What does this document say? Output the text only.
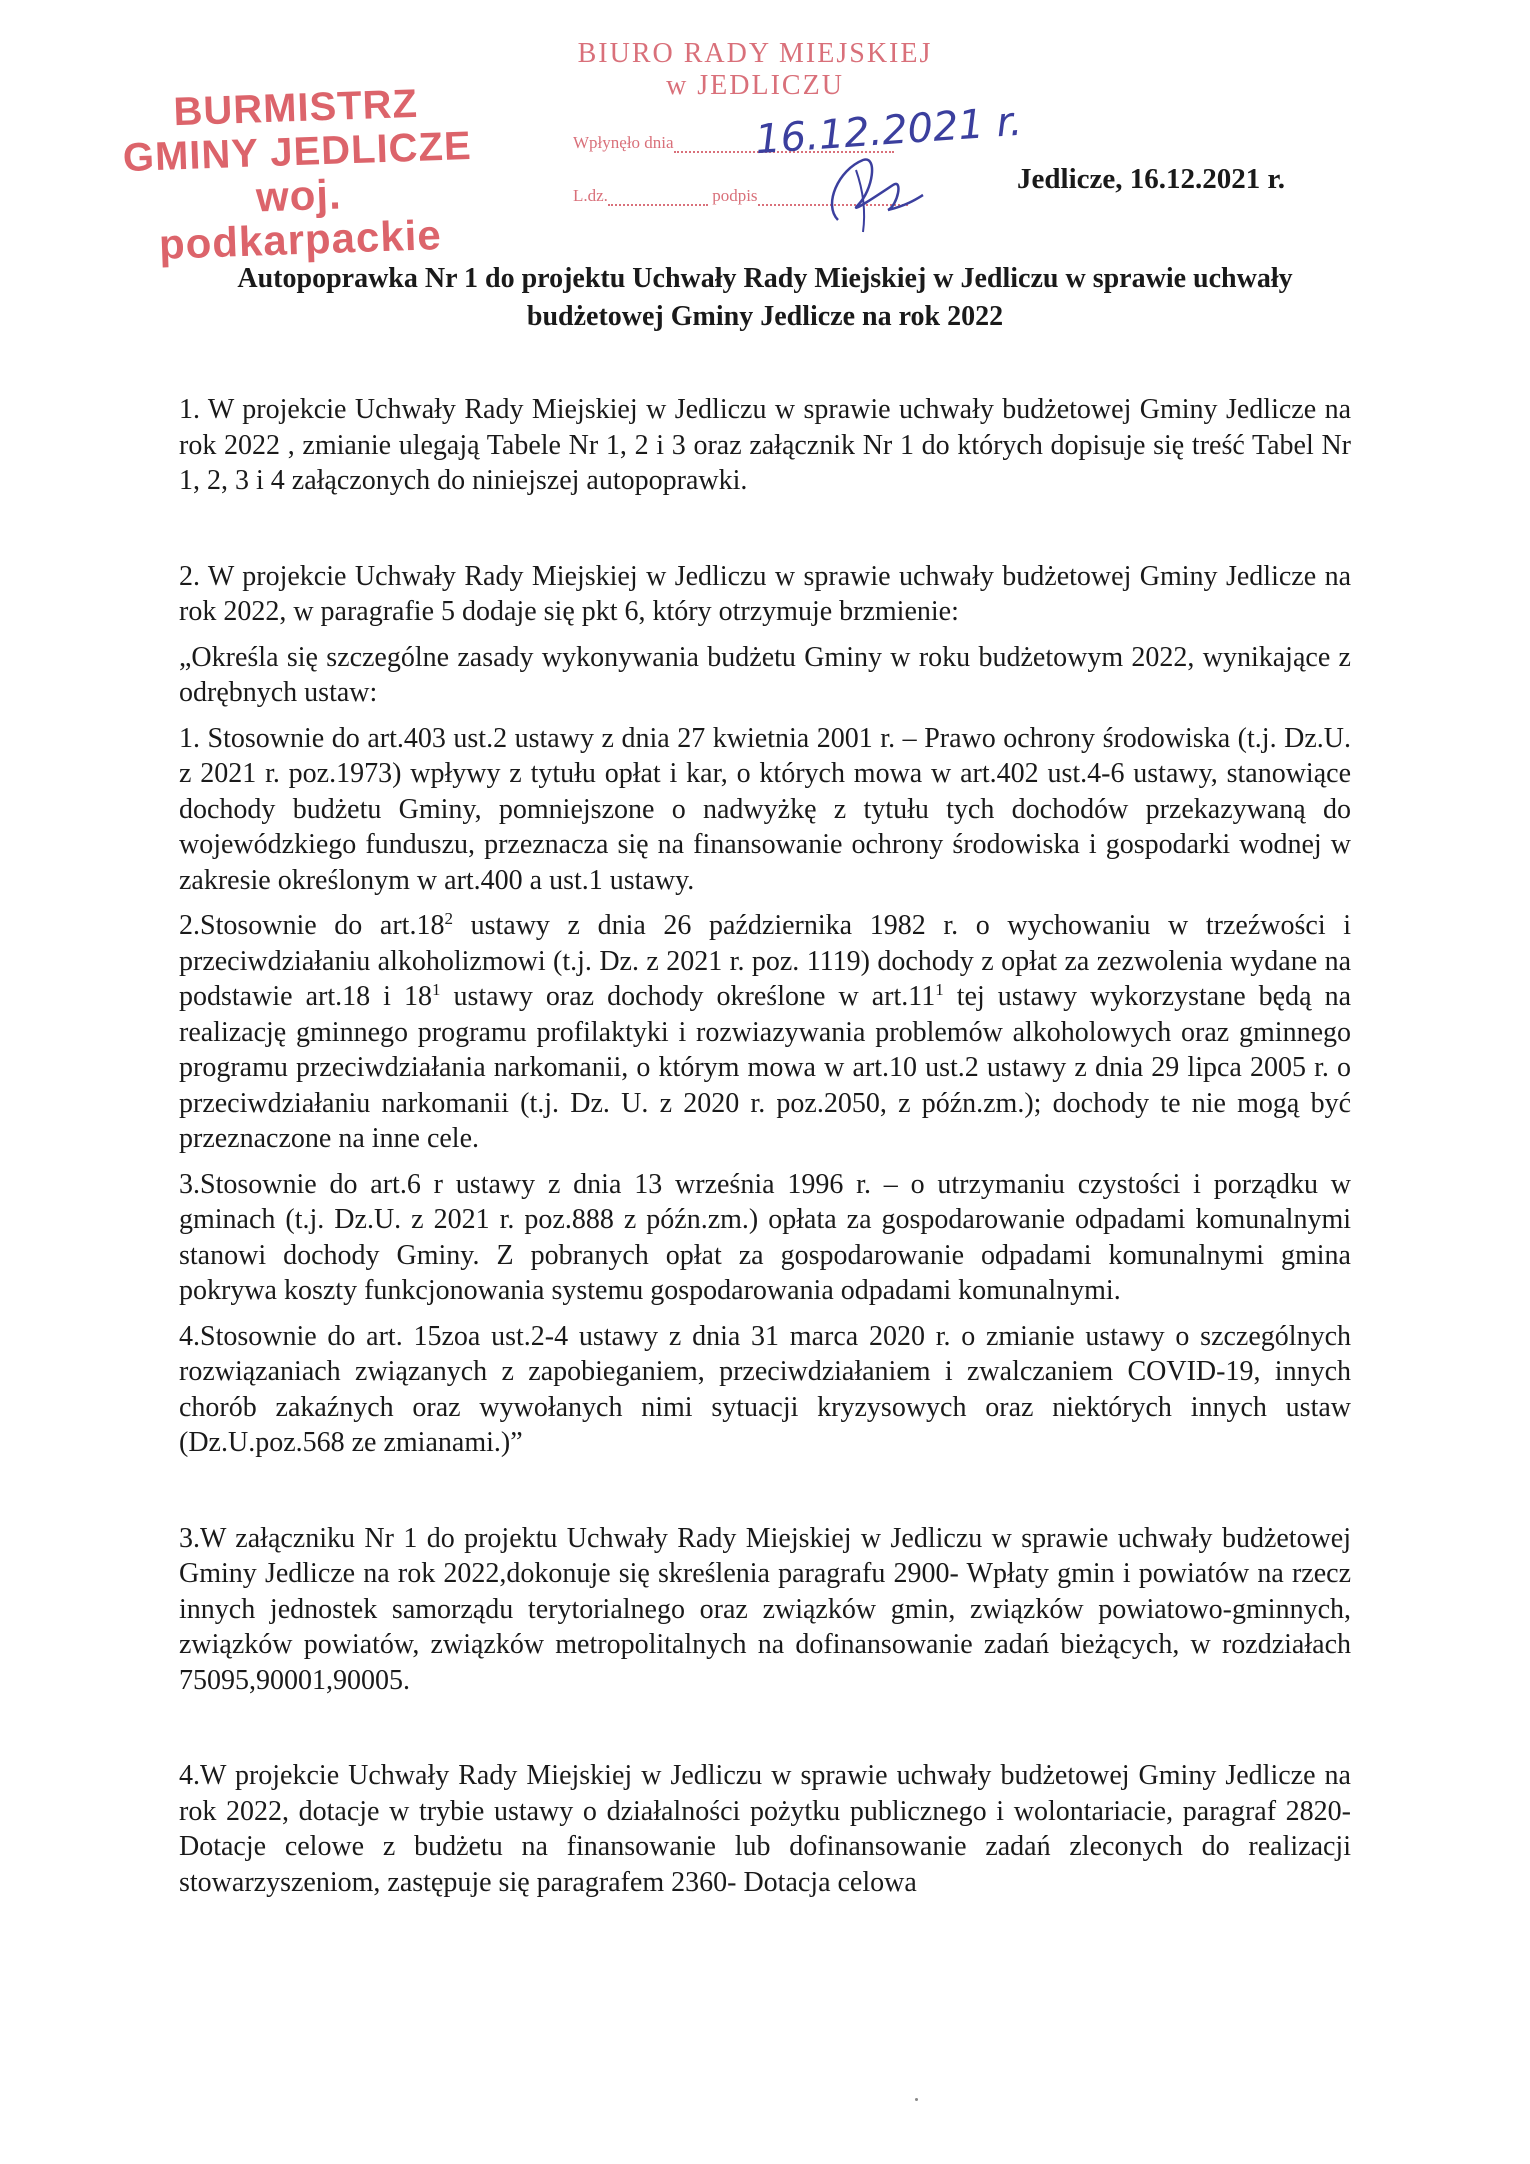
BURMISTRZ
GMINY JEDLICZE
woj. podkarpackie
BIURO RADY MIEJSKIEJ
w JEDLICZU
Wpłynęło dnia
L.dz.	podpis
16.12.2021 r.
Jedlicze, 16.12.2021 r.
Autopoprawka Nr 1 do projektu Uchwały Rady Miejskiej w Jedliczu w sprawie uchwały budżetowej Gminy Jedlicze na rok 2022

1. W projekcie Uchwały Rady Miejskiej w Jedliczu w sprawie uchwały budżetowej Gminy Jedlicze na rok 2022 , zmianie ulegają Tabele Nr 1, 2 i 3 oraz załącznik Nr 1 do których dopisuje się treść Tabel Nr 1, 2, 3 i 4 załączonych do niniejszej autopoprawki.

2. W projekcie Uchwały Rady Miejskiej w Jedliczu w sprawie uchwały budżetowej Gminy Jedlicze na rok 2022, w paragrafie 5 dodaje się pkt 6, który otrzymuje brzmienie:

„Określa się szczególne zasady wykonywania budżetu Gminy w roku budżetowym 2022, wynikające z odrębnych ustaw:

1. Stosownie do art.403 ust.2 ustawy z dnia 27 kwietnia 2001 r. – Prawo ochrony środowiska (t.j. Dz.U. z 2021 r. poz.1973) wpływy z tytułu opłat i kar, o których mowa w art.402 ust.4-6 ustawy, stanowiące dochody budżetu Gminy, pomniejszone o nadwyżkę z tytułu tych dochodów przekazywaną do wojewódzkiego funduszu, przeznacza się na finansowanie ochrony środowiska i gospodarki wodnej w zakresie określonym w art.400 a ust.1 ustawy.

2.Stosownie do $art.18^2$ ustawy z dnia 26 października 1982 r. o wychowaniu w trzeźwości i przeciwdziałaniu alkoholizmowi (t.j. Dz. z 2021 r. poz. 1119) dochody z opłat za zezwolenia wydane na podstawie art.18 i $18^1$ ustawy oraz dochody określone w $art.11^1$ tej ustawy wykorzystane będą na realizację gminnego programu profilaktyki i rozwiazywania problemów alkoholowych oraz gminnego programu przeciwdziałania narkomanii, o którym mowa w art.10 ust.2 ustawy z dnia 29 lipca 2005 r. o przeciwdziałaniu narkomanii (t.j. Dz. U. z 2020 r. poz.2050, z późn.zm.); dochody te nie mogą być przeznaczone na inne cele.

3.Stosownie do art.6 r ustawy z dnia 13 września 1996 r. – o utrzymaniu czystości i porządku w gminach (t.j. Dz.U. z 2021 r. poz.888 z późn.zm.) opłata za gospodarowanie odpadami komunalnymi stanowi dochody Gminy. Z pobranych opłat za gospodarowanie odpadami komunalnymi gmina pokrywa koszty funkcjonowania systemu gospodarowania odpadami komunalnymi.

4.Stosownie do art. 15zoa ust.2-4 ustawy z dnia 31 marca 2020 r. o zmianie ustawy o szczególnych rozwiązaniach związanych z zapobieganiem, przeciwdziałaniem i zwalczaniem COVID-19, innych chorób zakaźnych oraz wywołanych nimi sytuacji kryzysowych oraz niektórych innych ustaw (Dz.U.poz.568 ze zmianami.)”

3.W załączniku Nr 1 do projektu Uchwały Rady Miejskiej w Jedliczu w sprawie uchwały budżetowej Gminy Jedlicze na rok 2022,dokonuje się skreślenia paragrafu 2900- Wpłaty gmin i powiatów na rzecz innych jednostek samorządu terytorialnego oraz związków gmin, związków powiatowo-gminnych, związków powiatów, związków metropolitalnych na dofinansowanie zadań bieżących, w rozdziałach 75095,90001,90005.

4.W projekcie Uchwały Rady Miejskiej w Jedliczu w sprawie uchwały budżetowej Gminy Jedlicze na rok 2022, dotacje w trybie ustawy o działalności pożytku publicznego i wolontariacie, paragraf 2820-Dotacje celowe z budżetu na finansowanie lub dofinansowanie zadań zleconych do realizacji stowarzyszeniom, zastępuje się paragrafem 2360- Dotacja celowa
